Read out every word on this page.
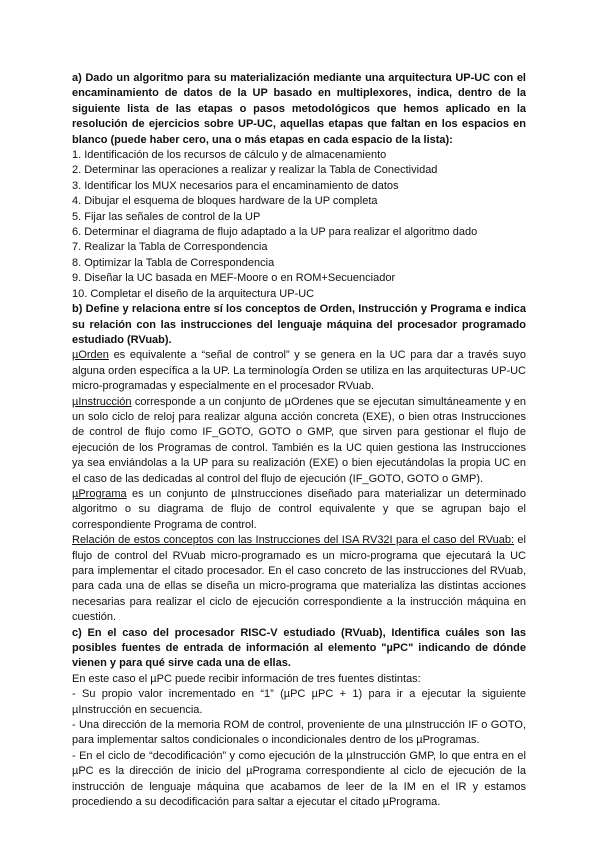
a) Dado un algoritmo para su materialización mediante una arquitectura UP-UC con el encaminamiento de datos de la UP basado en multiplexores, indica, dentro de la siguiente lista de las etapas o pasos metodológicos que hemos aplicado en la resolución de ejercicios sobre UP-UC, aquellas etapas que faltan en los espacios en blanco (puede haber cero, una o más etapas en cada espacio de la lista):

1. Identificación de los recursos de cálculo y de almacenamiento

2. Determinar las operaciones a realizar y realizar la Tabla de Conectividad

3. Identificar los MUX necesarios para el encaminamiento de datos

4. Dibujar el esquema de bloques hardware de la UP completa

5. Fijar las señales de control de la UP

6. Determinar el diagrama de flujo adaptado a la UP para realizar el algoritmo dado

7. Realizar la Tabla de Correspondencia

8. Optimizar la Tabla de Correspondencia

9. Diseñar la UC basada en MEF-Moore o en ROM+Secuenciador

10. Completar el diseño de la arquitectura UP-UC

b) Define y relaciona entre sí los conceptos de Orden, Instrucción y Programa e indica su relación con las instrucciones del lenguaje máquina del procesador programado estudiado (RVuab).

µOrden es equivalente a “señal de control” y se genera en la UC para dar a través suyo alguna orden específica a la UP. La terminología Orden se utiliza en las arquitecturas UP-UC micro-programadas y especialmente en el procesador RVuab.

µInstrucción corresponde a un conjunto de µOrdenes que se ejecutan simultáneamente y en un solo ciclo de reloj para realizar alguna acción concreta (EXE), o bien otras Instrucciones de control de flujo como IF_GOTO, GOTO o GMP, que sirven para gestionar el flujo de ejecución de los Programas de control. También es la UC quien gestiona las Instrucciones ya sea enviándolas a la UP para su realización (EXE) o bien ejecutándolas la propia UC en el caso de las dedicadas al control del flujo de ejecución (IF_GOTO, GOTO o GMP).

µPrograma es un conjunto de µInstrucciones diseñado para materializar un determinado algoritmo o su diagrama de flujo de control equivalente y que se agrupan bajo el correspondiente Programa de control.

Relación de estos conceptos con las Instrucciones del ISA RV32I para el caso del RVuab: el flujo de control del RVuab micro-programado es un micro-programa que ejecutará la UC para implementar el citado procesador. En el caso concreto de las instrucciones del RVuab, para cada una de ellas se diseña un micro-programa que materializa las distintas acciones necesarias para realizar el ciclo de ejecución correspondiente a la instrucción máquina en cuestión.

c) En el caso del procesador RISC-V estudiado (RVuab), Identifica cuáles son las posibles fuentes de entrada de información al elemento "µPC" indicando de dónde vienen y para qué sirve cada una de ellas.

En este caso el µPC puede recibir información de tres fuentes distintas:

- Su propio valor incrementado en “1” (µPC µPC + 1) para ir a ejecutar la siguiente µInstrucción en secuencia.

- Una dirección de la memoria ROM de control, proveniente de una µInstrucción IF o GOTO, para implementar saltos condicionales o incondicionales dentro de los µProgramas.

- En el ciclo de “decodificación” y como ejecución de la µInstrucción GMP, lo que entra en el µPC es la dirección de inicio del µPrograma correspondiente al ciclo de ejecución de la instrucción de lenguaje máquina que acabamos de leer de la IM en el IR y estamos procediendo a su decodificación para saltar a ejecutar el citado µPrograma.
